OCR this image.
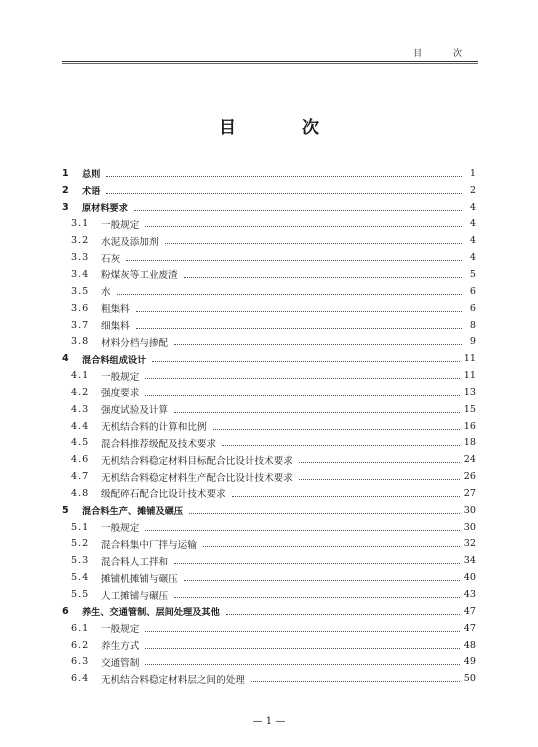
目 次
目 次
1	总则	1
2	术语	2
3	原材料要求	4
3.1	一般规定	4
3.2	水泥及添加剂	4
3.3	石灰	4
3.4	粉煤灰等工业废渣	5
3.5	水	6
3.6	粗集料	6
3.7	细集料	8
3.8	材料分档与掺配	9
4	混合料组成设计	11
4.1	一般规定	11
4.2	强度要求	13
4.3	强度试验及计算	15
4.4	无机结合料的计算和比例	16
4.5	混合料推荐级配及技术要求	18
4.6	无机结合料稳定材料目标配合比设计技术要求	24
4.7	无机结合料稳定材料生产配合比设计技术要求	26
4.8	级配碎石配合比设计技术要求	27
5	混合料生产、摊铺及碾压	30
5.1	一般规定	30
5.2	混合料集中厂拌与运输	32
5.3	混合料人工拌和	34
5.4	摊铺机摊铺与碾压	40
5.5	人工摊铺与碾压	43
6	养生、交通管制、层间处理及其他	47
6.1	一般规定	47
6.2	养生方式	48
6.3	交通管制	49
6.4	无机结合料稳定材料层之间的处理	50
— 1 —
